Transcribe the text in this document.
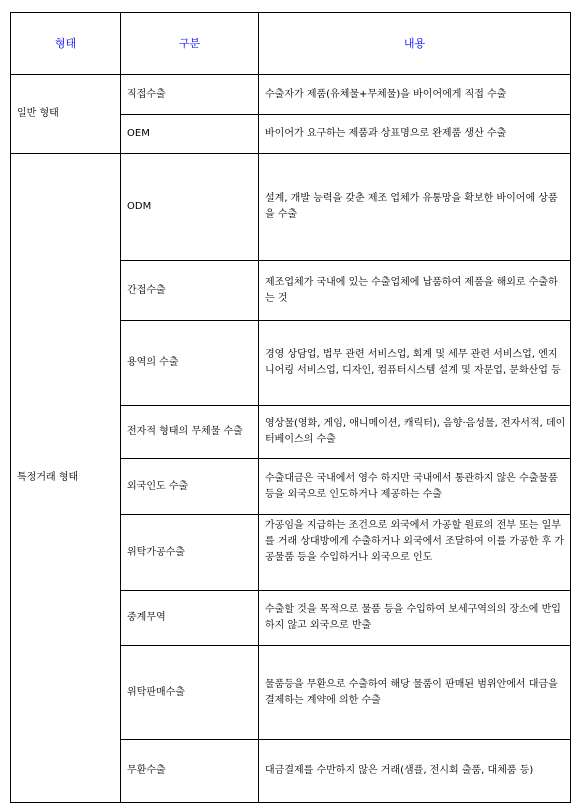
형태	구분	내용
일반 형태	직접수출	수출자가 제품(유체물+무체물)을 바이어에게 직접 수출
	OEM	바이어가 요구하는 제품과 상표명으로 완제품 생산 수출
특정거래 형태	ODM	설계, 개발 능력을 갖춘 제조 업체가 유통망을 확보한 바이어에 상품을 수출
	간접수출	제조업체가 국내에 있는 수출업체에 납품하여 제품을 해외로 수출하는 것
	용역의 수출	경영 상담업, 법무 관련 서비스업, 회계 및 세무 관련 서비스업, 엔지니어링 서비스업, 디자인, 컴퓨터시스템 설계 및 자문업, 문화산업 등
	전자적 형태의 무체물 수출	영상물(영화, 게임, 애니메이션, 캐릭터), 음향·음성물, 전자서적, 데이터베이스의 수출
	외국인도 수출	수출대금은 국내에서 영수 하지만 국내에서 통관하지 않은 수출물품 등을 외국으로 인도하거나 제공하는 수출
	위탁가공수출	가공임을 지급하는 조건으로 외국에서 가공할 원료의 전부 또는 일부를 거래 상대방에게 수출하거나 외국에서 조달하여 이를 가공한 후 가공물품 등을 수입하거나 외국으로 인도
	중계무역	수출할 것을 목적으로 물품 등을 수입하여 보세구역의의 장소에 반입하지 않고 외국으로 반출
	위탁판매수출	물품등을 무환으로 수출하여 해당 물품이 판매된 범위안에서 대금을 결제하는 계약에 의한 수출
	무환수출	대금결제를 수반하지 않은 거래(샘플, 전시회 출품, 대체품 등)
